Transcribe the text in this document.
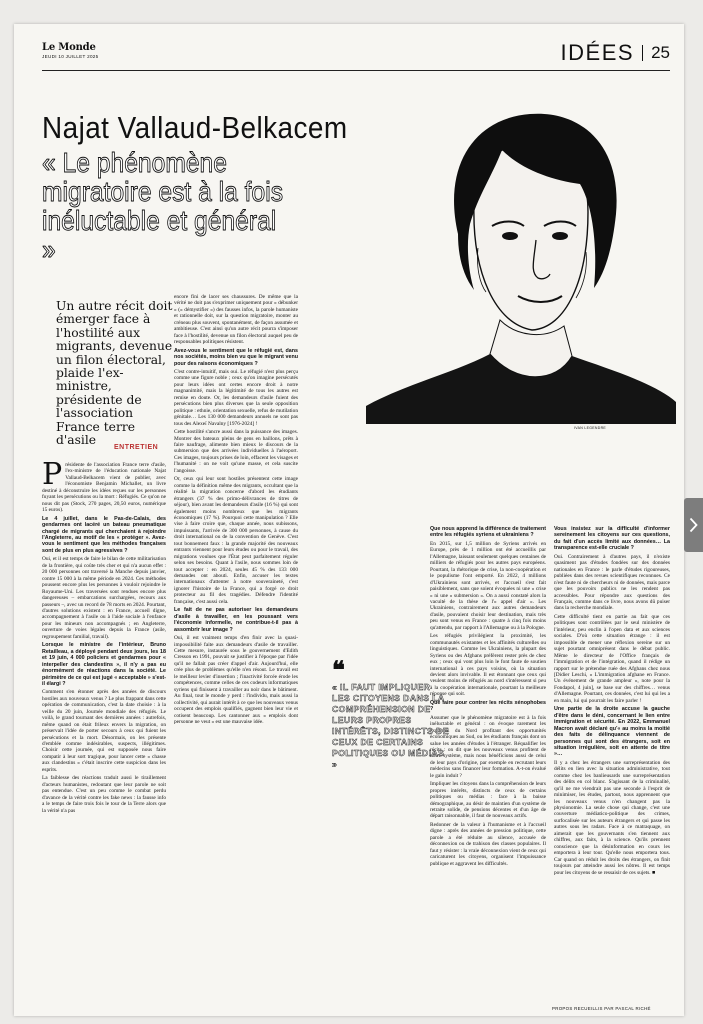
Le Monde
JEUDI 10 JUILLET 2025	IDÉES 25
Najat Vallaud-Belkacem
« Le phénomène migratoire est à la fois inéluctable et général »
IVAN LEGENDRE
Un autre récit doit émerger face à l'hostilité aux migrants, devenue un filon électoral, plaide l'ex-ministre, présidente de l'association France terre d'asile
ENTRETIEN
P résidente de l'association France terre d'asile, l'ex-ministre de l'éducation nationale Najat Vallaud-Belkacem vient de publier, avec l'économiste Benjamin Michallet, un livre destiné à déconstruire les idées reçues sur les personnes fuyant les persécutions ou la mort : Réfugiés. Ce qu'on ne nous dit pas (Stock, 270 pages, 20,50 euros, numérique 15 euros).

Le 4 juillet, dans le Pas-de-Calais, des gendarmes ont lacéré un bateau pneumatique chargé de migrants qui cherchaient à rejoindre l'Angleterre, au motif de les « protéger ». Avez-vous le sentiment que les méthodes françaises sont de plus en plus agressives ?

Oui, et il est temps de faire le bilan de cette militarisation de la frontière, qui coûte très cher et qui n'a aucun effet : 20 000 personnes ont traversé la Manche depuis janvier, contre 15 000 à la même période en 2024. Ces méthodes poussent encore plus les personnes à vouloir rejoindre le Royaume-Uni. Les traversées sont rendues encore plus dangereuses – embarcations surchargées, recours aux passeurs –, avec un record de 78 morts en 2024. Pourtant, d'autres solutions existent : en France, accueil digne, accompagnement à l'asile ou à l'aide sociale à l'enfance pour les mineurs non accompagnés ; en Angleterre, ouverture de voies légales depuis la France (asile, regroupement familial, travail).

Lorsque le ministre de l'intérieur, Bruno Retailleau, a déployé pendant deux jours, les 18 et 19 juin, 4 000 policiers et gendarmes pour « interpeller des clandestins », il n'y a pas eu énormément de réactions dans la société. Le périmètre de ce qui est jugé « acceptable » s'est-il élargi ?

Comment s'en étonner après des années de discours hostiles aux nouveaux venus ? Le plus frappant dans cette opération de communication, c'est la date choisie : à la veille du 20 juin, Journée mondiale des réfugiés. Le voilà, le grand tournant des dernières années : autrefois, même quand on était frileux envers la migration, on préservait l'idée de porter secours à ceux qui fuient les persécutions et la mort. Désormais, on les présente d'emblée comme indésirables, suspects, illégitimes. Choisir cette journée, qui est supposée nous faire compatir à leur sort tragique, pour lancer cette « chasse aux clandestins » c'était inscrire cette suspicion dans les esprits.

La faiblesse des réactions traduit aussi le tiraillement d'acteurs humanistes, redoutant que leur parole ne soit pas entendue. C'est un peu comme le combat perdu d'avance de la vérité contre les fake news : la fausse info a le temps de faire trois fois le tour de la Terre alors que la vérité n'a pas

encore fini de lacer ses chaussures. De même que la vérité ne doit pas s'exprimer uniquement pour « débunker » (« démystifier ») des fausses infos, la parole humaniste et rationnelle doit, sur la question migratoire, monter au créneau plus souvent, spontanément, de façon assumée et ambitieuse. C'est ainsi qu'un autre récit pourra s'imposer face à l'hostilité, devenue un filon électoral auquel peu de responsables politiques résistent.

Avez-vous le sentiment que le réfugié est, dans nos sociétés, moins bien vu que le migrant venu pour des raisons économiques ?

C'est contre-intuitif, mais oui. Le réfugié n'est plus perçu comme une figure noble ; ceux qu'on imagine persécutés pour leurs idées ont certes encore droit à notre magnanimité, mais la légitimité de tous les autres est remise en doute. Or, les demandeurs d'asile fuient des persécutions bien plus diverses que la seule opposition politique : ethnie, orientation sexuelle, refus de mutilation génitale… Les 130 000 demandeurs annuels ne sont pas tous des Alexeï Navalny [1976-2024] !

Cette hostilité s'ancre aussi dans la puissance des images. Montrer des bateaux pleins de gens en haillons, prêts à faire naufrage, alimente bien mieux le discours de la submersion que des arrivées individuelles à l'aéroport. Ces images, toujours prises de loin, effacent les visages et l'humanité : on ne voit qu'une masse, et cela suscite l'angoisse.

Or, ceux qui leur sont hostiles présentent cette image comme la définition même des migrants, occultant que la réalité la migration concerne d'abord les étudiants étrangers (37 % des primo-délivrances de titres de séjour), bien avant les demandeurs d'asile (16 %) qui sont également moins nombreux que les migrants économiques (17 %). Pourquoi cette manipulation ? Elle vise à faire croire que, chaque année, nous subissons, impuissants, l'arrivée de 300 000 personnes, à cause du droit international ou de la convention de Genève. C'est tout bonnement faux : la grande majorité des nouveaux entrants viennent pour leurs études ou pour le travail, des migrations voulues que l'État peut parfaitement réguler selon ses besoins. Quant à l'asile, nous sommes loin de tout accepter : en 2024, seules 45 % des 133 000 demandes ont abouti. Enfin, accuser les textes internationaux d'attenter à notre souveraineté, c'est ignorer l'histoire de la France, qui a forgé ce droit protecteur au fil des tragédies. Défendre l'identité française, c'est aussi cela.

Le fait de ne pas autoriser les demandeurs d'asile à travailler, en les poussant vers l'économie informelle, ne contribue-t-il pas à assombrir leur image ?

Oui, il est vraiment temps d'en finir avec la quasi-impossibilité faite aux demandeurs d'asile de travailler. Cette mesure, instaurée sous le gouvernement d'Edith Cresson en 1991, pouvait se justifier à l'époque par l'idée qu'il ne fallait pas créer d'appel d'air. Aujourd'hui, elle crée plus de problèmes qu'elle n'en résout. Le travail est le meilleur levier d'insertion ; l'inactivité forcée érode les compétences, comme celles de ces codeurs informatiques syriens qui finissent à travailler au noir dans le bâtiment. Au final, tout le monde y perd : l'individu, mais aussi la collectivité, qui aurait intérêt à ce que les nouveaux venus occupent des emplois qualifiés, gagnent bien leur vie et cotisent beaucoup. Les cantonner aux « emplois dont personne ne veut » est une mauvaise idée.

Que nous apprend la différence de traitement entre les réfugiés syriens et ukrainiens ?

En 2015, sur 1,5 million de Syriens arrivés en Europe, près de 1 million ont été accueillis par l'Allemagne, laissant seulement quelques centaines de milliers de réfugiés pour les autres pays européens. Pourtant, la rhétorique de crise, la non-coopération et le populisme l'ont emporté. En 2022, 4 millions d'Ukrainiens sont arrivés, et l'accueil s'est fait paisiblement, sans que soient évoquées ni une « crise » ni une « submersion ». On a aussi constaté alors la vacuité de la thèse de l'« appel d'air ». Les Ukrainiens, contrairement aux autres demandeurs d'asile, pouvaient choisir leur destination, mais très peu sont venus en France : quatre à cinq fois moins qu'attendu, par rapport à l'Allemagne ou à la Pologne.

Les réfugiés privilégient la proximité, les communautés existantes et les affinités culturelles ou linguistiques. Comme les Ukrainiens, la plupart des Syriens ou des Afghans préfèrent rester près de chez eux ; ceux qui vont plus loin le font faute de soutien international à ces pays voisins, où la situation devient alors invivable. Il est étonnant que ceux qui veulent moins de réfugiés au nord s'intéressent si peu à la coopération internationale, pourtant la meilleure réponse qui soit.

Que faire pour contrer les récits xénophobes ?

Assumer que le phénomène migratoire est à la fois inéluctable et général : on évoque rarement les expatriés du Nord profitant des opportunités économiques au Sud, ou les étudiants français dont on salue les années d'études à l'étranger. Réqualifier les récits : on dit que les nouveaux venus profitent de notre système, mais nous bénéficions aussi de celui de leur pays d'origine, par exemple en recrutant leurs médecins sans financer leur formation. A-t-on évalué le gain induit ?

Impliquer les citoyens dans la compréhension de leurs propres intérêts, distincts de ceux de certains politiques ou médias : face à la baisse démographique, au désir de maintien d'un système de retraite solide, de pensions décentes et d'un âge de départ raisonnable, il faut de nouveaux actifs.

Redonner de la valeur à l'humanisme et à l'accueil digne : après des années de pression politique, cette parole a été réduite au silence, accusée de déconnexion ou de trahison des classes populaires. Il faut y résister : la vraie déconnexion vient de ceux qui caricaturent les citoyens, organisent l'impuissance publique et aggravent les difficultés.

Vous insistez sur la difficulté d'informer sereinement les citoyens sur ces questions, du fait d'un accès limité aux données… La transparence est-elle cruciale ?

Oui. Contrairement à d'autres pays, il n'existe quasiment pas d'études fondées sur des données nationales en France : le parle d'études rigoureuses, publiées dans des revues scientifiques reconnues. Ce n'est faute ni de chercheurs ni de données, mais parce que les pouvoirs publics ne les rendent pas accessibles. Pour répondre aux questions des Français, comme dans ce livre, nous avons dû puiser dans la recherche mondiale.

Cette difficulté tient en partie au fait que ces politiques sont contrôlées par le seul ministère de l'intérieur, peu enclin à l'open data et aux sciences sociales. D'où cette situation étrange : il est impossible de mener une réflexion sereine sur un sujet pourtant omniprésent dans le débat public. Même le directeur de l'Office français de l'immigration et de l'intégration, quand il rédige un rapport sur le prétendue ruée des Afghans chez nous [Didier Leschi, « L'immigration afghane en France. Un événement de grande ampleur », note pour la Fondapol, 4 juin], se base sur des chiffres… venus d'Allemagne. Pourtant, ces données, c'est lui qui les a en main, lui qui pourrait les faire parler !

Une partie de la droite accuse la gauche d'être dans le déni, concernant le lien entre immigration et sécurité. En 2022, Emmanuel Macron avait déclaré qu'« au moins la moitié des faits de délinquance viennent de personnes qui sont des étrangers, soit en situation irrégulière, soit en attente de titre »…

Il y a chez les étrangers une surreprésentation des délits en lien avec la situation administrative, tout comme chez les banlieusards une surreprésentation des délits en col blanc. S'agissant de la criminalité, qu'il ne me viendrait pas une seconde à l'esprit de minimiser, les études, partout, nous apprennent que les nouveaux venus n'en changent pas la physionomie. La seule chose qui change, c'est une couverture médiatico-politique des crimes, surfocalisée sur les auteurs étrangers et qui passe les autres sous les radars. Face à ce matraquage, on aimerait que les gouvernants s'en tiennent aux chiffres, aux faits, à la science. Qu'ils prennent conscience que la désinformation en cours les emportera à leur tour. Qu'elle nous emportera tous. Car quand on réduit les droits des étrangers, on finit toujours par atteindre aussi les nôtres. Il est temps pour les citoyens de se ressaisir de ces sujets. ■

❝
« IL FAUT IMPLIQUER LES CITOYENS DANS LA COMPRÉHENSION DE LEURS PROPRES INTÉRÊTS, DISTINCTS DE CEUX DE CERTAINS POLITIQUES OU MÉDIAS »
PROPOS RECUEILLIS PAR PASCAL RICHÉ
